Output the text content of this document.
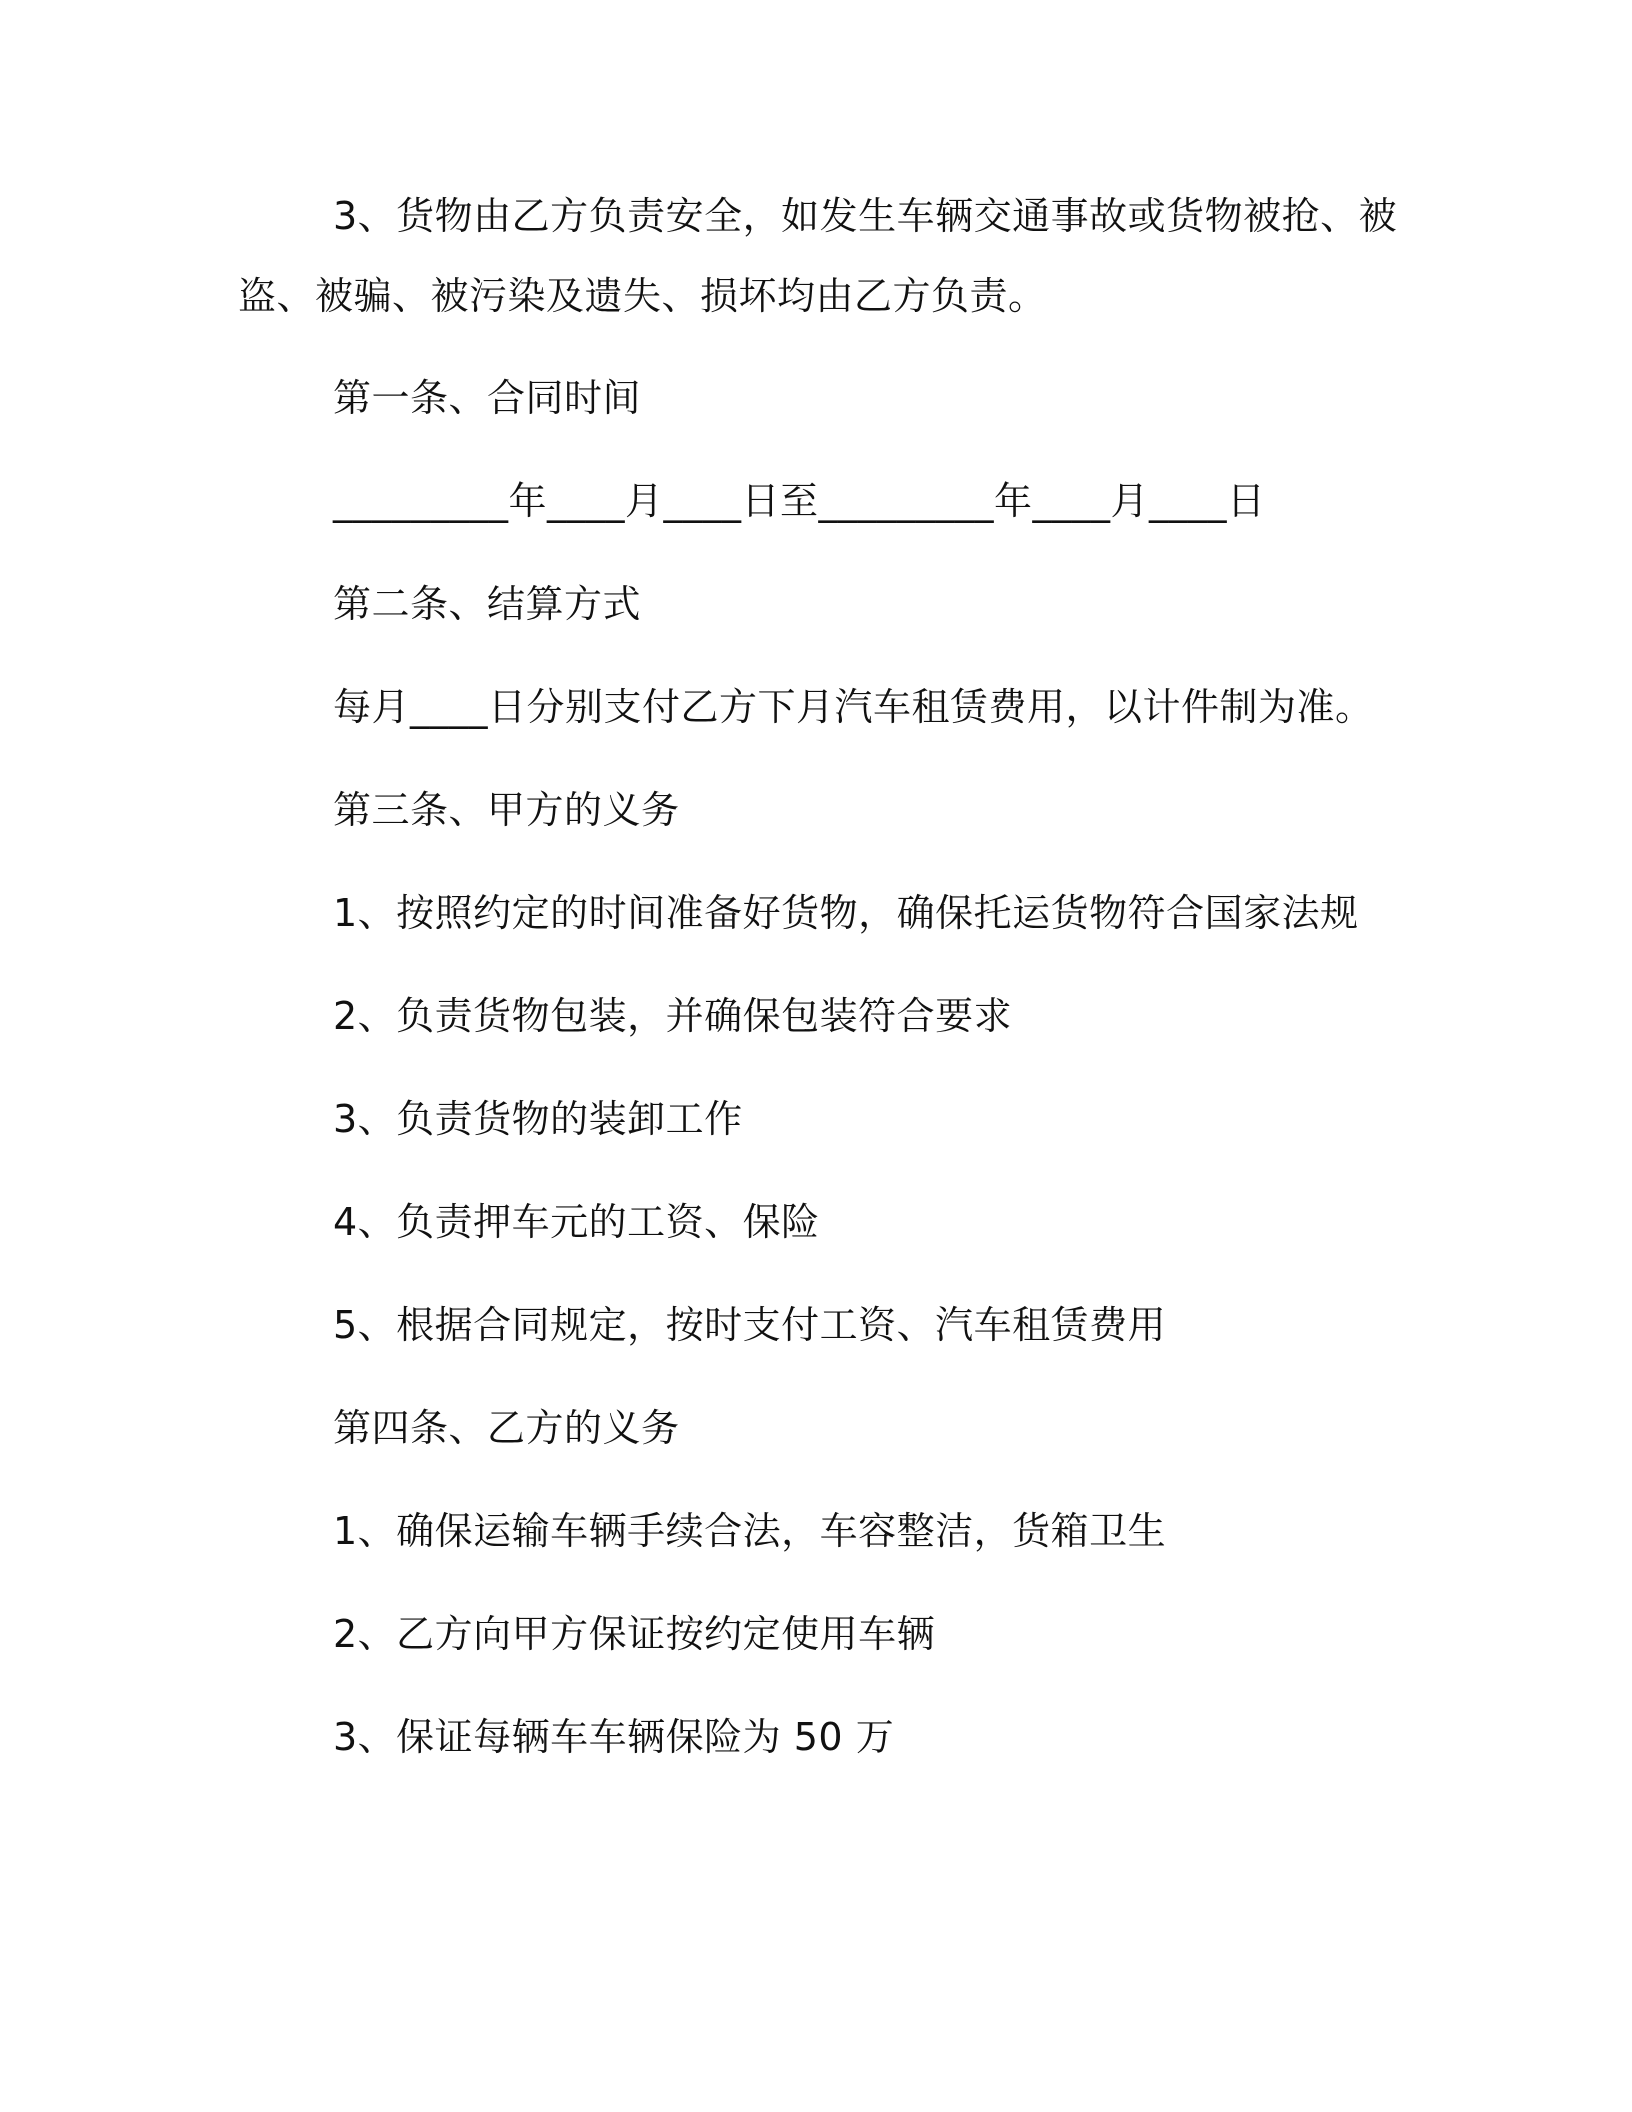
3、货物由乙方负责安全，如发生车辆交通事故或货物被抢、被
盗、被骗、被污染及遗失、损坏均由乙方负责。
第一条、合同时间
_________年____月____日至_________年____月____日
第二条、结算方式
每月____日分别支付乙方下月汽车租赁费用，以计件制为准。
第三条、甲方的义务
1、按照约定的时间准备好货物，确保托运货物符合国家法规
2、负责货物包装，并确保包装符合要求
3、负责货物的装卸工作
4、负责押车元的工资、保险
5、根据合同规定，按时支付工资、汽车租赁费用
第四条、乙方的义务
1、确保运输车辆手续合法，车容整洁，货箱卫生
2、乙方向甲方保证按约定使用车辆
3、保证每辆车车辆保险为 50 万
